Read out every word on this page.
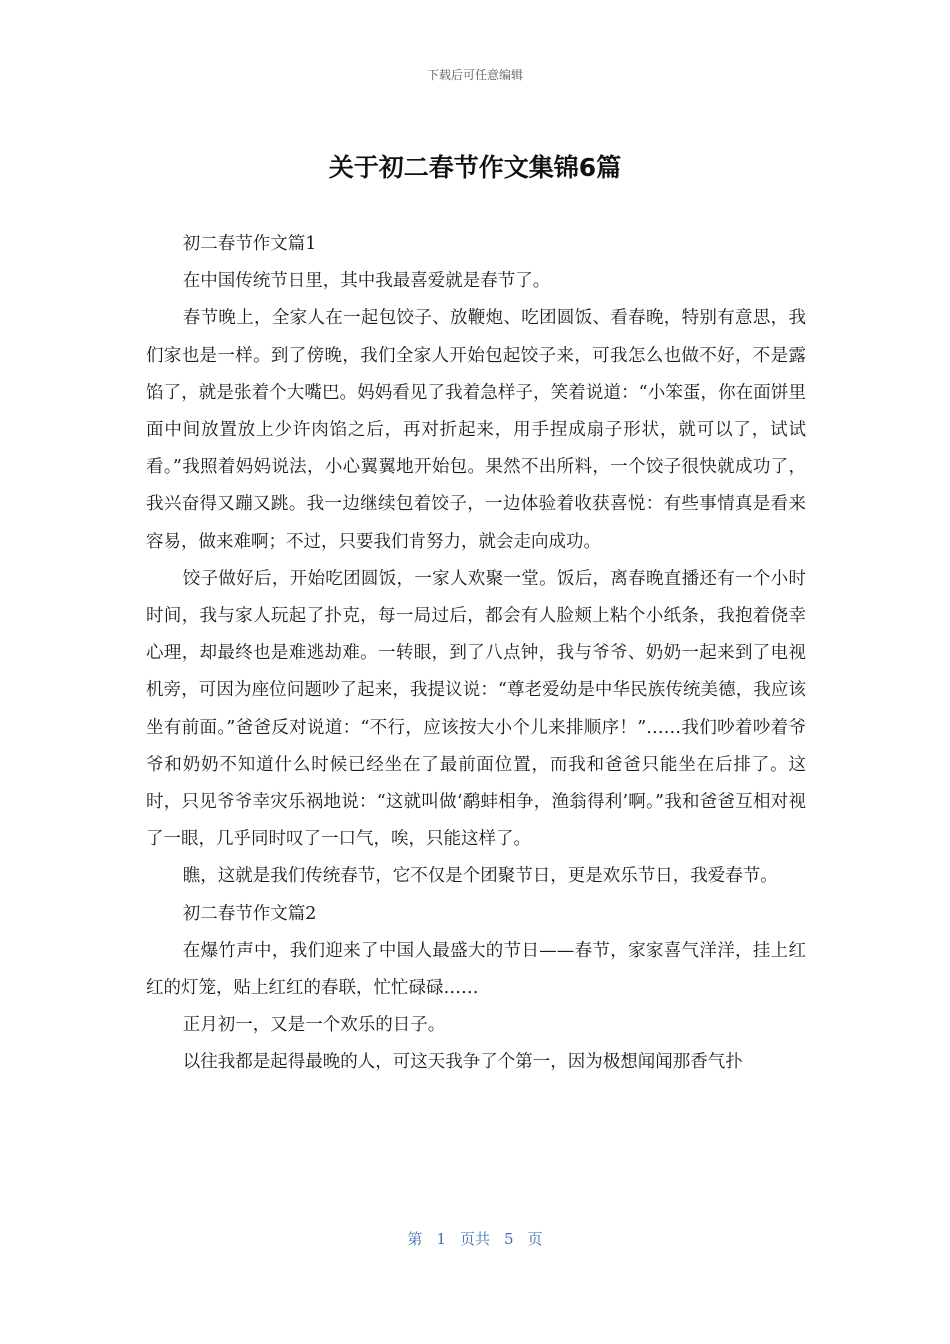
下载后可任意编辑
关于初二春节作文集锦6篇

初二春节作文篇1

在中国传统节日里，其中我最喜爱就是春节了。

春节晚上，全家人在一起包饺子、放鞭炮、吃团圆饭、看春晚，特别有意思，我们家也是一样。到了傍晚，我们全家人开始包起饺子来，可我怎么也做不好，不是露馅了，就是张着个大嘴巴。妈妈看见了我着急样子，笑着说道：“小笨蛋，你在面饼里面中间放置放上少许肉馅之后，再对折起来，用手捏成扇子形状，就可以了，试试看。”我照着妈妈说法，小心翼翼地开始包。果然不出所料，一个饺子很快就成功了，我兴奋得又蹦又跳。我一边继续包着饺子，一边体验着收获喜悦：有些事情真是看来容易，做来难啊；不过，只要我们肯努力，就会走向成功。

饺子做好后，开始吃团圆饭，一家人欢聚一堂。饭后，离春晚直播还有一个小时时间，我与家人玩起了扑克，每一局过后，都会有人脸颊上粘个小纸条，我抱着侥幸心理，却最终也是难逃劫难。一转眼，到了八点钟，我与爷爷、奶奶一起来到了电视机旁，可因为座位问题吵了起来，我提议说：“尊老爱幼是中华民族传统美德，我应该坐有前面。”爸爸反对说道：“不行，应该按大小个儿来排顺序！”……我们吵着吵着爷爷和奶奶不知道什么时候已经坐在了最前面位置，而我和爸爸只能坐在后排了。这时，只见爷爷幸灾乐祸地说：“这就叫做‘鹬蚌相争，渔翁得利’啊。”我和爸爸互相对视了一眼，几乎同时叹了一口气，唉，只能这样了。

瞧，这就是我们传统春节，它不仅是个团聚节日，更是欢乐节日，我爱春节。

初二春节作文篇2

在爆竹声中，我们迎来了中国人最盛大的节日——春节，家家喜气洋洋，挂上红红的灯笼，贴上红红的春联，忙忙碌碌……

正月初一，又是一个欢乐的日子。

以往我都是起得最晚的人，可这天我争了个第一，因为极想闻闻那香气扑

第 1 页共 5 页
